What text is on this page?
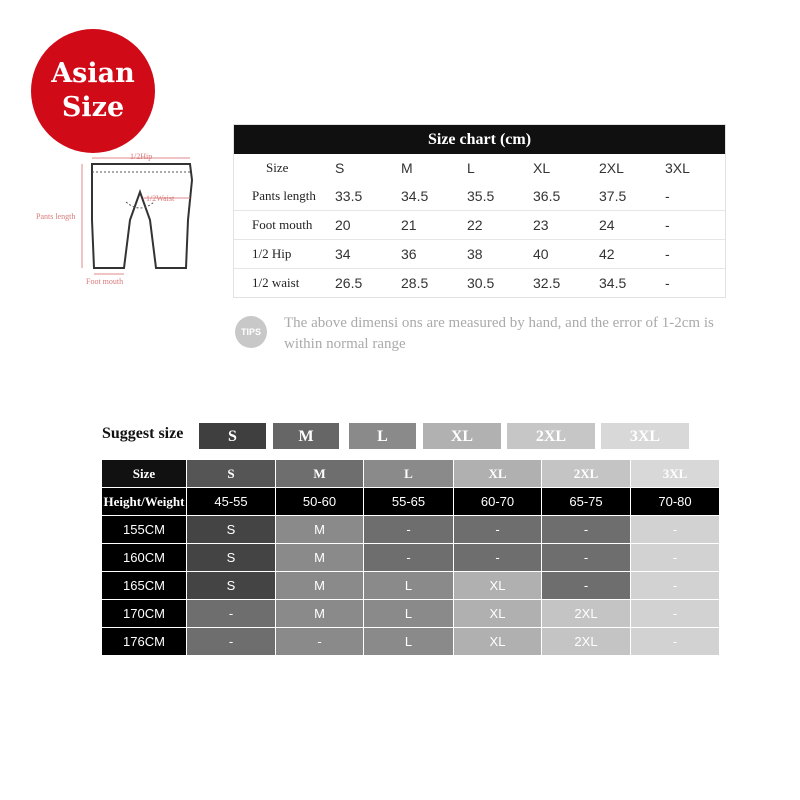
Asian
Size
1/2Hip
1/2Waist
Pants length
Foot mouth
Size chart (cm)
Size	S	M	L	XL	2XL	3XL
Pants length	33.5	34.5	35.5	36.5	37.5	-
Foot mouth	20	21	22	23	24	-
1/2 Hip	34	36	38	40	42	-
1/2 waist	26.5	28.5	30.5	32.5	34.5	-
TIPS
The above dimensi ons are measured by hand, and the error of 1-2cm is within normal range
Suggest size	S	M	L	XL	2XL	3XL
Size	S	M	L	XL	2XL	3XL
Height/Weight	45-55	50-60	55-65	60-70	65-75	70-80
155CM	S	M	-	-	-	-
160CM	S	M	-	-	-	-
165CM	S	M	L	XL	-	-
170CM	-	M	L	XL	2XL	-
176CM	-	-	L	XL	2XL	-
